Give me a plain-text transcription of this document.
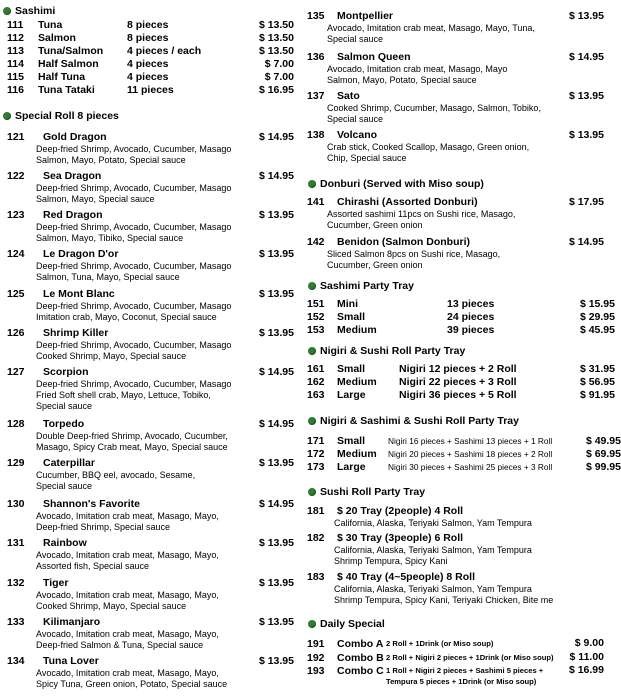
Sashimi
111	Tuna	8 pieces	$ 13.50
112	Salmon	8 pieces	$ 13.50
113	Tuna/Salmon	4 pieces / each	$ 13.50
114	Half Salmon	4 pieces	$ 7.00
115	Half Tuna	4 pieces	$ 7.00
116	Tuna Tataki	11 pieces	$ 16.95
Special Roll 8 pieces
121	Gold Dragon	$ 14.95
Deep-fried Shrimp, Avocado, Cucumber, Masago
Salmon, Mayo, Potato, Special sauce
122	Sea Dragon	$ 14.95
Deep-fried Shrimp, Avocado, Cucumber, Masago
Salmon, Mayo, Special sauce
123	Red Dragon	$ 13.95
Deep-fried Shrimp, Avocado, Cucumber, Masago
Salmon, Mayo, Tibiko, Special sauce
124	Le Dragon D'or	$ 13.95
Deep-fried Shrimp, Avocado, Cucumber, Masago
Salmon, Tuna, Mayo, Special sauce
125	Le Mont Blanc	$ 13.95
Deep-fried Shrimp, Avocado, Cucumber, Masago
Imitation crab, Mayo, Coconut, Special sauce
126	Shrimp Killer	$ 13.95
Deep-fried Shrimp, Avocado, Cucumber, Masago
Cooked Shrimp, Mayo, Special sauce
127	Scorpion	$ 14.95
Deep-fried Shrimp, Avocado, Cucumber, Masago
Fried Soft shell crab, Mayo, Lettuce, Tobiko,
Special sauce
128	Torpedo	$ 14.95
Double Deep-fried Shrimp, Avocado, Cucumber,
Masago, Spicy Crab meat, Mayo, Special sauce
129	Caterpillar	$ 13.95
Cucumber, BBQ eel, avocado, Sesame,
Special sauce
130	Shannon's Favorite	$ 14.95
Avocado, Imitation crab meat, Masago, Mayo,
Deep-fried Shrimp, Special sauce
131	Rainbow	$ 13.95
Avocado, Imitation crab meat, Masago, Mayo,
Assorted fish, Special sauce
132	Tiger	$ 13.95
Avocado, Imitation crab meat, Masago, Mayo,
Cooked Shrimp, Mayo, Special sauce
133	Kilimanjaro	$ 13.95
Avocado, Imitation crab meat, Masago, Mayo,
Deep-fried Salmon & Tuna, Special sauce
134	Tuna Lover	$ 13.95
Avocado, Imitation crab meat, Masago, Mayo,
Spicy Tuna, Green onion, Potato, Special sauce
135	Montpellier	$ 13.95
Avocado, Imitation crab meat, Masago, Mayo, Tuna,
Special sauce
136	Salmon Queen	$ 14.95
Avocado, Imitation crab meat, Masago, Mayo
Salmon, Mayo, Potato, Special sauce
137	Sato	$ 13.95
Cooked Shrimp, Cucumber, Masago, Salmon, Tobiko,
Special sauce
138	Volcano	$ 13.95
Crab stick, Cooked Scallop, Masago, Green onion,
Chip, Special sauce
Donburi (Served with Miso soup)
141	Chirashi (Assorted Donburi)	$ 17.95
Assorted sashimi 11pcs on Sushi rice, Masago,
Cucumber, Green onion
142	Benidon (Salmon Donburi)	$ 14.95
Sliced Salmon 8pcs on Sushi rice, Masago,
Cucumber, Green onion
Sashimi Party Tray
151	Mini	13 pieces	$ 15.95
152	Small	24 pieces	$ 29.95
153	Medium	39 pieces	$ 45.95
Nigiri & Sushi Roll Party Tray
161	Small	Nigiri 12 pieces + 2 Roll	$ 31.95
162	Medium	Nigiri 22 pieces + 3 Roll	$ 56.95
163	Large	Nigiri 36 pieces + 5 Roll	$ 91.95
Nigiri & Sashimi & Sushi Roll Party Tray
171	Small	Nigiri 16 pieces + Sashimi 13 pieces + 1 Roll	$ 49.95
172	Medium	Nigiri 20 pieces + Sashimi 18 pieces + 2 Roll	$ 69.95
173	Large	Nigiri 30 pieces + Sashimi 25 pieces + 3 Roll	$ 99.95
Sushi Roll Party Tray
181	$ 20 Tray (2people) 4 Roll
California, Alaska, Teriyaki Salmon, Yam Tempura
182	$ 30 Tray (3people) 6 Roll
California, Alaska, Teriyaki Salmon, Yam Tempura
Shrimp Tempura, Spicy Kani
183	$ 40 Tray (4~5people) 8 Roll
California, Alaska, Teriyaki Salmon, Yam Tempura
Shrimp Tempura, Spicy Kani, Teriyaki Chicken, Bite me
Daily Special
191	Combo A 2 Roll + 1Drink (or Miso soup)	$ 9.00
192	Combo B 2 Roll + Nigiri 2 pieces + 1Drink (or Miso soup)	$ 11.00
193	Combo C 1 Roll + Nigiri 2 pieces + Sashimi 5 pieces +	$ 16.99
Tempura 5 pieces + 1Drink (or Miso soup)
